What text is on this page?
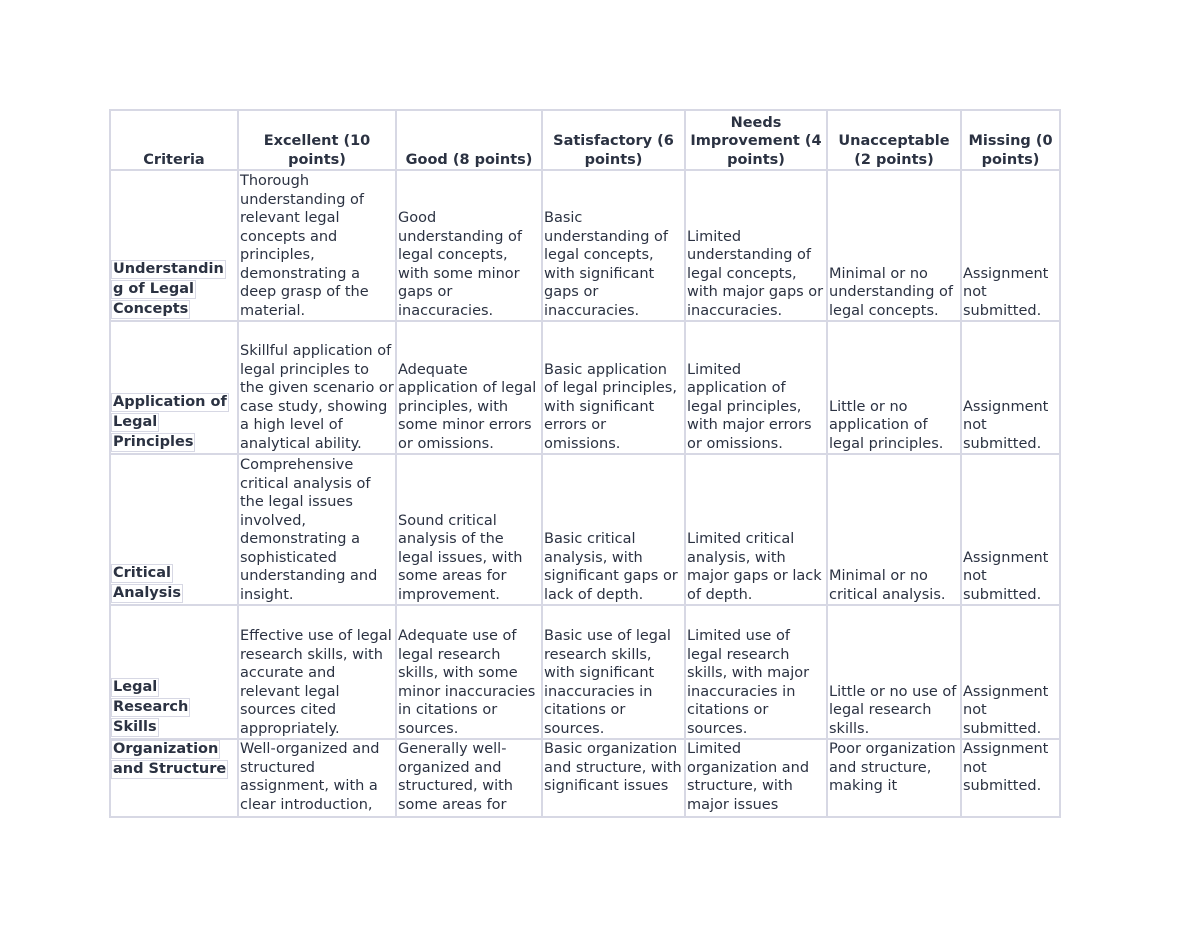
Criteria	Excellent (10 points)	Good (8 points)	Satisfactory (6 points)	Needs Improvement (4 points)	Unacceptable (2 points)	Missing (0 points)
Understandin
g of Legal
Concepts	Thorough understanding of relevant legal concepts and principles, demonstrating a deep grasp of the material.	Good understanding of legal concepts, with some minor gaps or inaccuracies.	Basic understanding of legal concepts, with significant gaps or inaccuracies.	Limited understanding of legal concepts, with major gaps or inaccuracies.	Minimal or no understanding of legal concepts.	Assignment not submitted.
Application of
Legal
Principles	Skillful application of legal principles to the given scenario or case study, showing a high level of analytical ability.	Adequate application of legal principles, with some minor errors or omissions.	Basic application of legal principles, with significant errors or omissions.	Limited application of legal principles, with major errors or omissions.	Little or no application of legal principles.	Assignment not submitted.
Critical
Analysis	Comprehensive critical analysis of the legal issues involved, demonstrating a sophisticated understanding and insight.	Sound critical analysis of the legal issues, with some areas for improvement.	Basic critical analysis, with significant gaps or lack of depth.	Limited critical analysis, with major gaps or lack of depth.	Minimal or no critical analysis.	Assignment not submitted.
Legal
Research
Skills	Effective use of legal research skills, with accurate and relevant legal sources cited appropriately.	Adequate use of legal research skills, with some minor inaccuracies in citations or sources.	Basic use of legal research skills, with significant inaccuracies in citations or sources.	Limited use of legal research skills, with major inaccuracies in citations or sources.	Little or no use of legal research skills.	Assignment not submitted.
Organization
and Structure	Well-organized and structured assignment, with a clear introduction,	Generally well-organized and structured, with some areas for	Basic organization and structure, with significant issues	Limited organization and structure, with major issues	Poor organization and structure, making it	Assignment not submitted.
